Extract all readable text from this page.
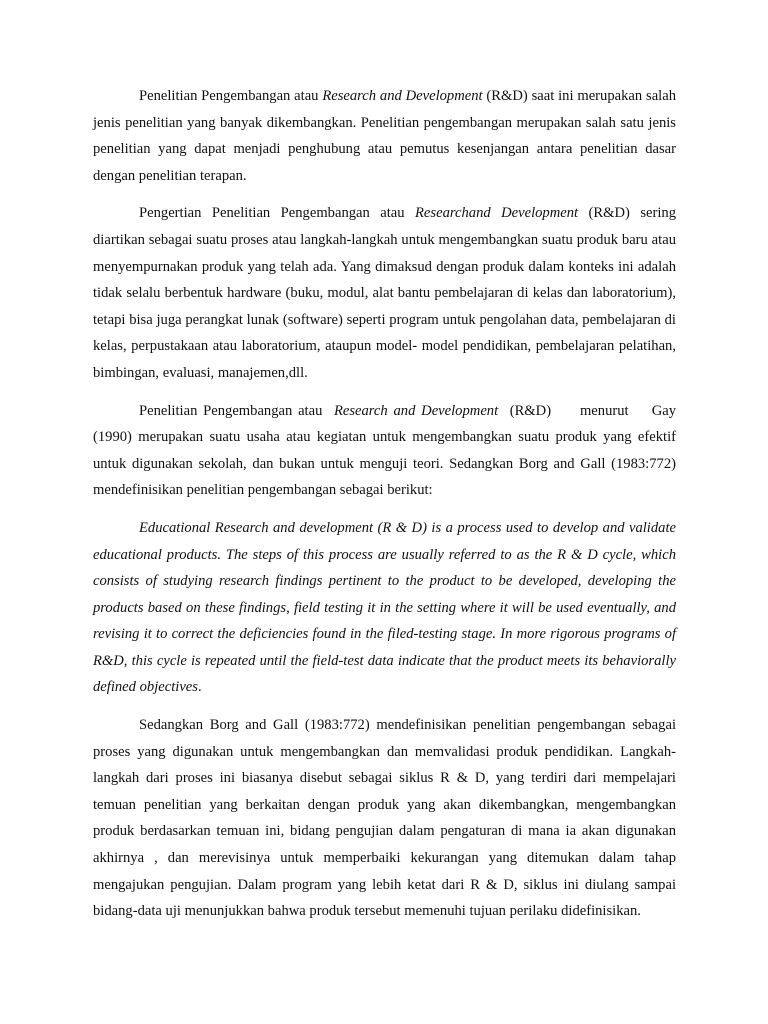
Penelitian Pengembangan atau Research and Development (R&D) saat ini merupakan salah jenis penelitian yang banyak dikembangkan. Penelitian pengembangan merupakan salah satu jenis penelitian yang dapat menjadi penghubung atau pemutus kesenjangan antara penelitian dasar dengan penelitian terapan.

Pengertian Penelitian Pengembangan atau Researchand Development (R&D) sering diartikan sebagai suatu proses atau langkah-langkah untuk mengembangkan suatu produk baru atau menyempurnakan produk yang telah ada. Yang dimaksud dengan produk dalam konteks ini adalah tidak selalu berbentuk hardware (buku, modul, alat bantu pembelajaran di kelas dan laboratorium), tetapi bisa juga perangkat lunak (software) seperti program untuk pengolahan data, pembelajaran di kelas, perpustakaan atau laboratorium, ataupun model- model pendidikan, pembelajaran pelatihan, bimbingan, evaluasi, manajemen,dll.

Penelitian Pengembangan atau  Research and Development  (R&D)     menurut    Gay (1990) merupakan suatu usaha atau kegiatan untuk mengembangkan suatu produk yang efektif untuk digunakan sekolah, dan bukan untuk menguji teori. Sedangkan Borg and Gall (1983:772) mendefinisikan penelitian pengembangan sebagai berikut:

Educational Research and development (R & D) is a process used to develop and validate educational products. The steps of this process are usually referred to as the R & D cycle, which consists of studying research findings pertinent to the product to be developed, developing the products based on these findings, field testing it in the setting where it will be used eventually, and revising it to correct the deficiencies found in the filed-testing stage. In more rigorous programs of R&D, this cycle is repeated until the field-test data indicate that the product meets its behaviorally defined objectives.

Sedangkan Borg and Gall (1983:772) mendefinisikan penelitian pengembangan sebagai proses yang digunakan untuk mengembangkan dan memvalidasi produk pendidikan. Langkah-langkah dari proses ini biasanya disebut sebagai siklus R & D, yang terdiri dari mempelajari temuan penelitian yang berkaitan dengan produk yang akan dikembangkan, mengembangkan produk berdasarkan temuan ini, bidang pengujian dalam pengaturan di mana ia akan digunakan akhirnya , dan merevisinya untuk memperbaiki kekurangan yang ditemukan dalam tahap mengajukan pengujian. Dalam program yang lebih ketat dari R & D, siklus ini diulang sampai bidang-data uji menunjukkan bahwa produk tersebut memenuhi tujuan perilaku didefinisikan.
